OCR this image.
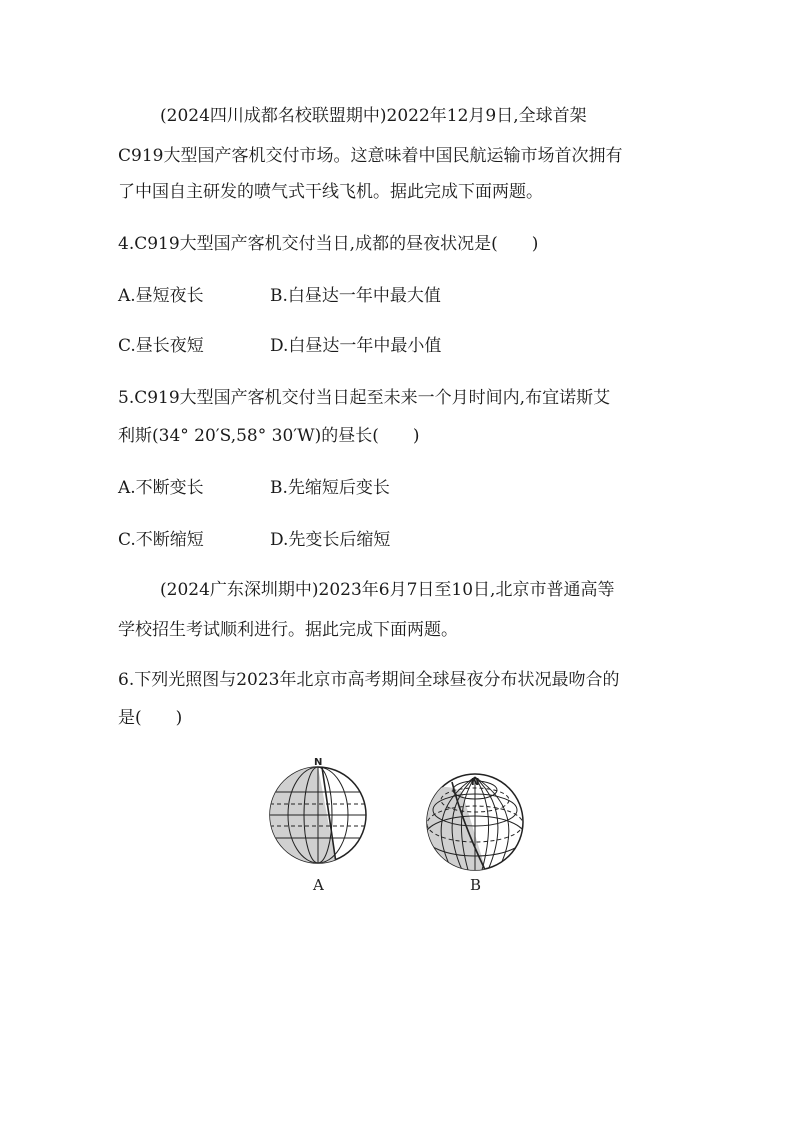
(2024四川成都名校联盟期中)2022年12月9日,全球首架
C919大型国产客机交付市场。这意味着中国民航运输市场首次拥有
了中国自主研发的喷气式干线飞机。据此完成下面两题。
4.C919大型国产客机交付当日,成都的昼夜状况是(　　)
A.昼短夜长	B.白昼达一年中最大值
C.昼长夜短	D.白昼达一年中最小值
5.C919大型国产客机交付当日起至未来一个月时间内,布宜诺斯艾
利斯(34° 20′S,58° 30′W)的昼长(　　)
A.不断变长	B.先缩短后变长
C.不断缩短	D.先变长后缩短
(2024广东深圳期中)2023年6月7日至10日,北京市普通高等
学校招生考试顺利进行。据此完成下面两题。
6.下列光照图与2023年北京市高考期间全球昼夜分布状况最吻合的
是(　　)
N
A
N
B
